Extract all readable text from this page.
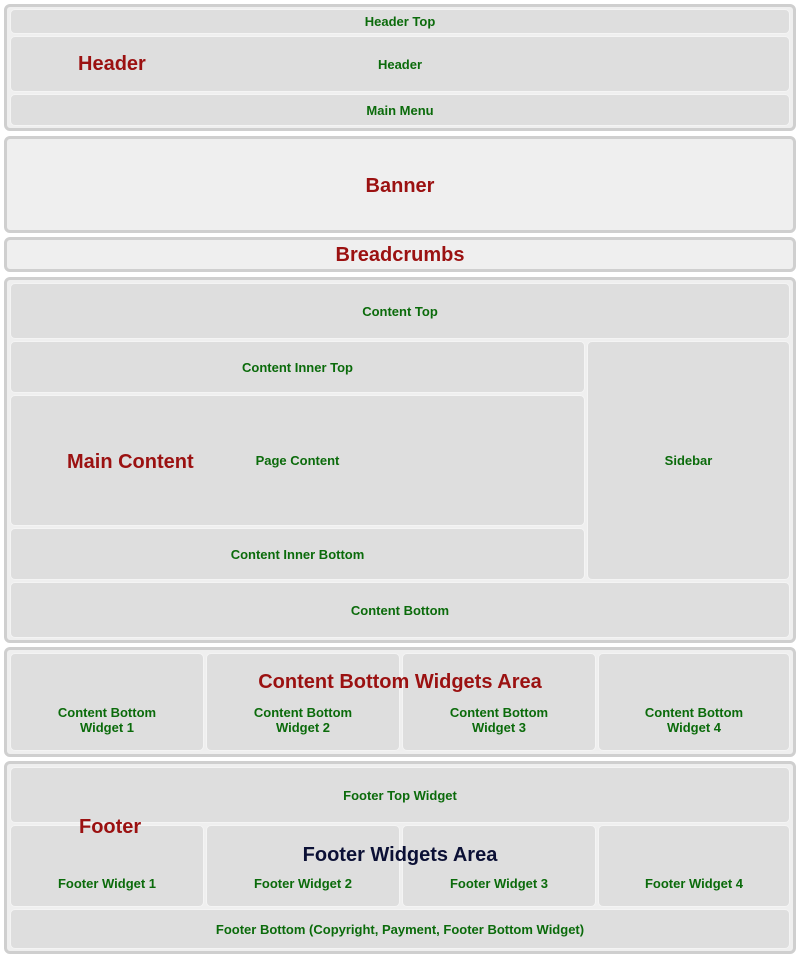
Header Top
Header
Main Menu
Header
Banner
Breadcrumbs
Content Top
Content Inner Top
Page Content
Content Inner Bottom
Sidebar
Content Bottom
Main Content
Content Bottom
Widget 1
Content Bottom
Widget 2
Content Bottom
Widget 3
Content Bottom
Widget 4
Content Bottom Widgets Area
Footer Top Widget
Footer Widget 1	Footer Widget 2	Footer Widget 3	Footer Widget 4
Footer Bottom (Copyright, Payment, Footer Bottom Widget)
Footer
Footer Widgets Area
